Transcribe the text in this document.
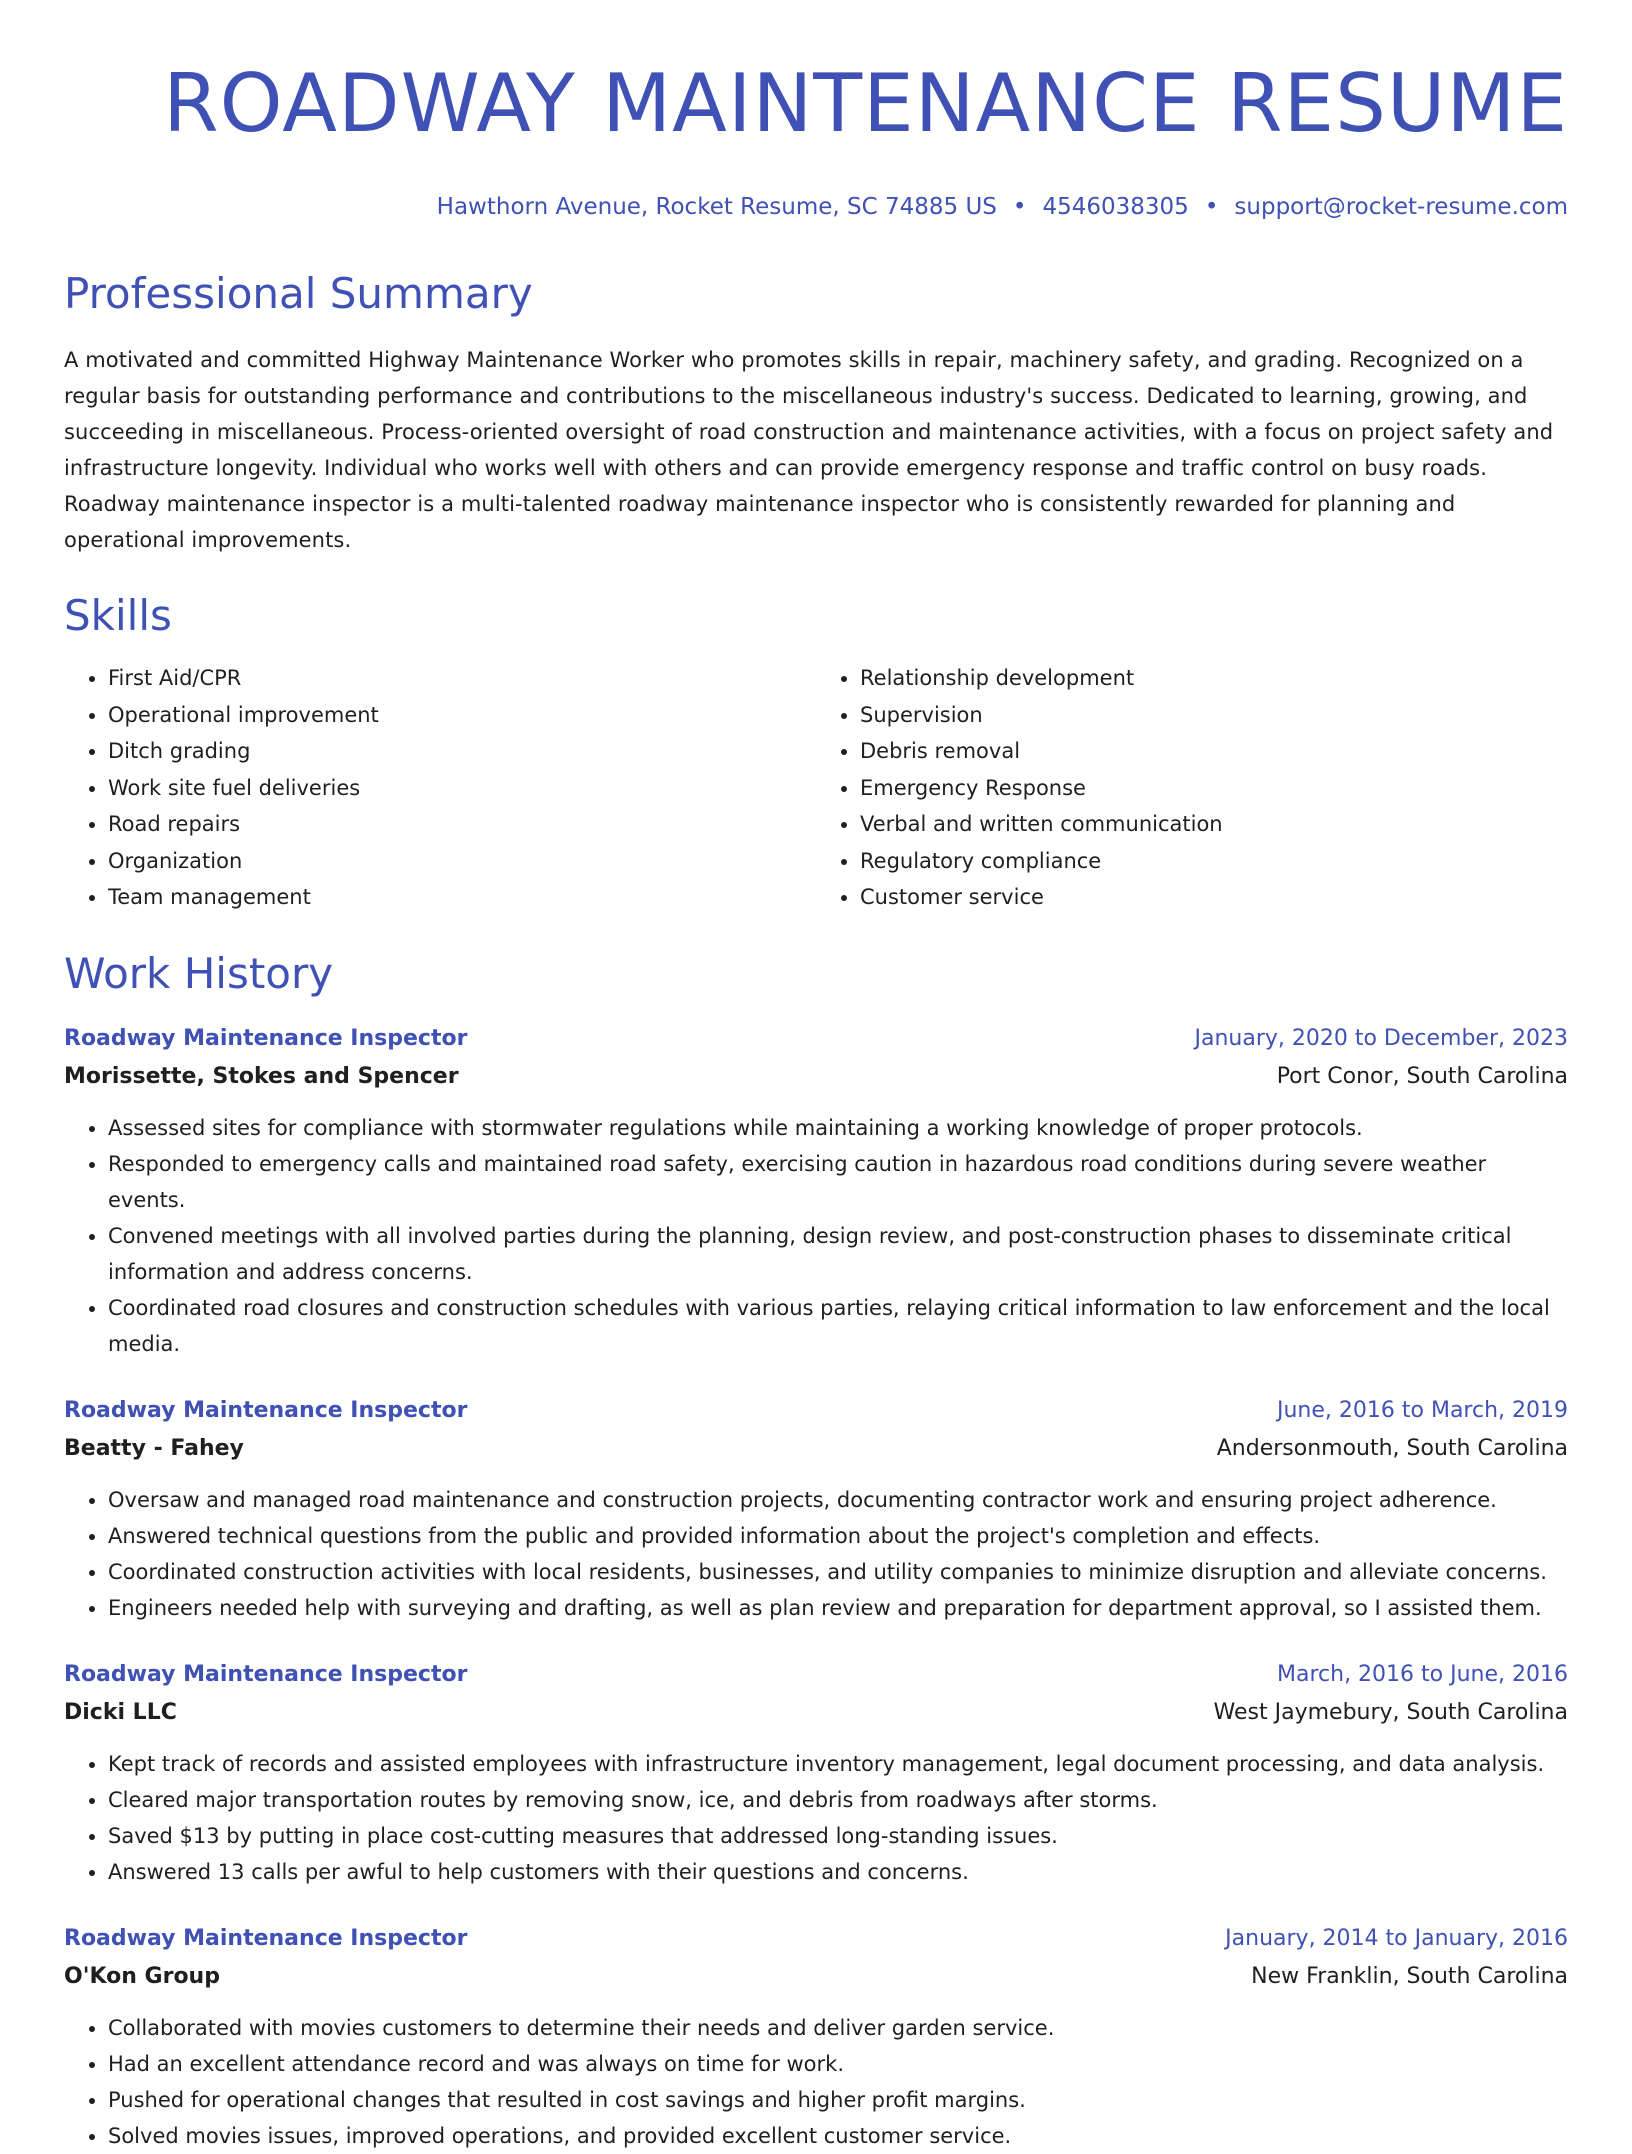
ROADWAY MAINTENANCE RESUME
Hawthorn Avenue, Rocket Resume, SC 74885 US • 4546038305 • support@rocket-resume.com
Professional Summary
A motivated and committed Highway Maintenance Worker who promotes skills in repair, machinery safety, and grading. Recognized on a regular basis for outstanding performance and contributions to the miscellaneous industry's success. Dedicated to learning, growing, and succeeding in miscellaneous. Process-oriented oversight of road construction and maintenance activities, with a focus on project safety and infrastructure longevity. Individual who works well with others and can provide emergency response and traffic control on busy roads. Roadway maintenance inspector is a multi-talented roadway maintenance inspector who is consistently rewarded for planning and operational improvements.
Skills
• First Aid/CPR
• Operational improvement
• Ditch grading
• Work site fuel deliveries
• Road repairs
• Organization
• Team management
• Relationship development
• Supervision
• Debris removal
• Emergency Response
• Verbal and written communication
• Regulatory compliance
• Customer service
Work History
Roadway Maintenance Inspector	January, 2020 to December, 2023
Morissette, Stokes and Spencer	Port Conor, South Carolina
• Assessed sites for compliance with stormwater regulations while maintaining a working knowledge of proper protocols.
• Responded to emergency calls and maintained road safety, exercising caution in hazardous road conditions during severe weather events.
• Convened meetings with all involved parties during the planning, design review, and post-construction phases to disseminate critical information and address concerns.
• Coordinated road closures and construction schedules with various parties, relaying critical information to law enforcement and the local media.
Roadway Maintenance Inspector	June, 2016 to March, 2019
Beatty - Fahey	Andersonmouth, South Carolina
• Oversaw and managed road maintenance and construction projects, documenting contractor work and ensuring project adherence.
• Answered technical questions from the public and provided information about the project's completion and effects.
• Coordinated construction activities with local residents, businesses, and utility companies to minimize disruption and alleviate concerns.
• Engineers needed help with surveying and drafting, as well as plan review and preparation for department approval, so I assisted them.
Roadway Maintenance Inspector	March, 2016 to June, 2016
Dicki LLC	West Jaymebury, South Carolina
• Kept track of records and assisted employees with infrastructure inventory management, legal document processing, and data analysis.
• Cleared major transportation routes by removing snow, ice, and debris from roadways after storms.
• Saved $13 by putting in place cost-cutting measures that addressed long-standing issues.
• Answered 13 calls per awful to help customers with their questions and concerns.
Roadway Maintenance Inspector	January, 2014 to January, 2016
O'Kon Group	New Franklin, South Carolina
• Collaborated with movies customers to determine their needs and deliver garden service.
• Had an excellent attendance record and was always on time for work.
• Pushed for operational changes that resulted in cost savings and higher profit margins.
• Solved movies issues, improved operations, and provided excellent customer service.
